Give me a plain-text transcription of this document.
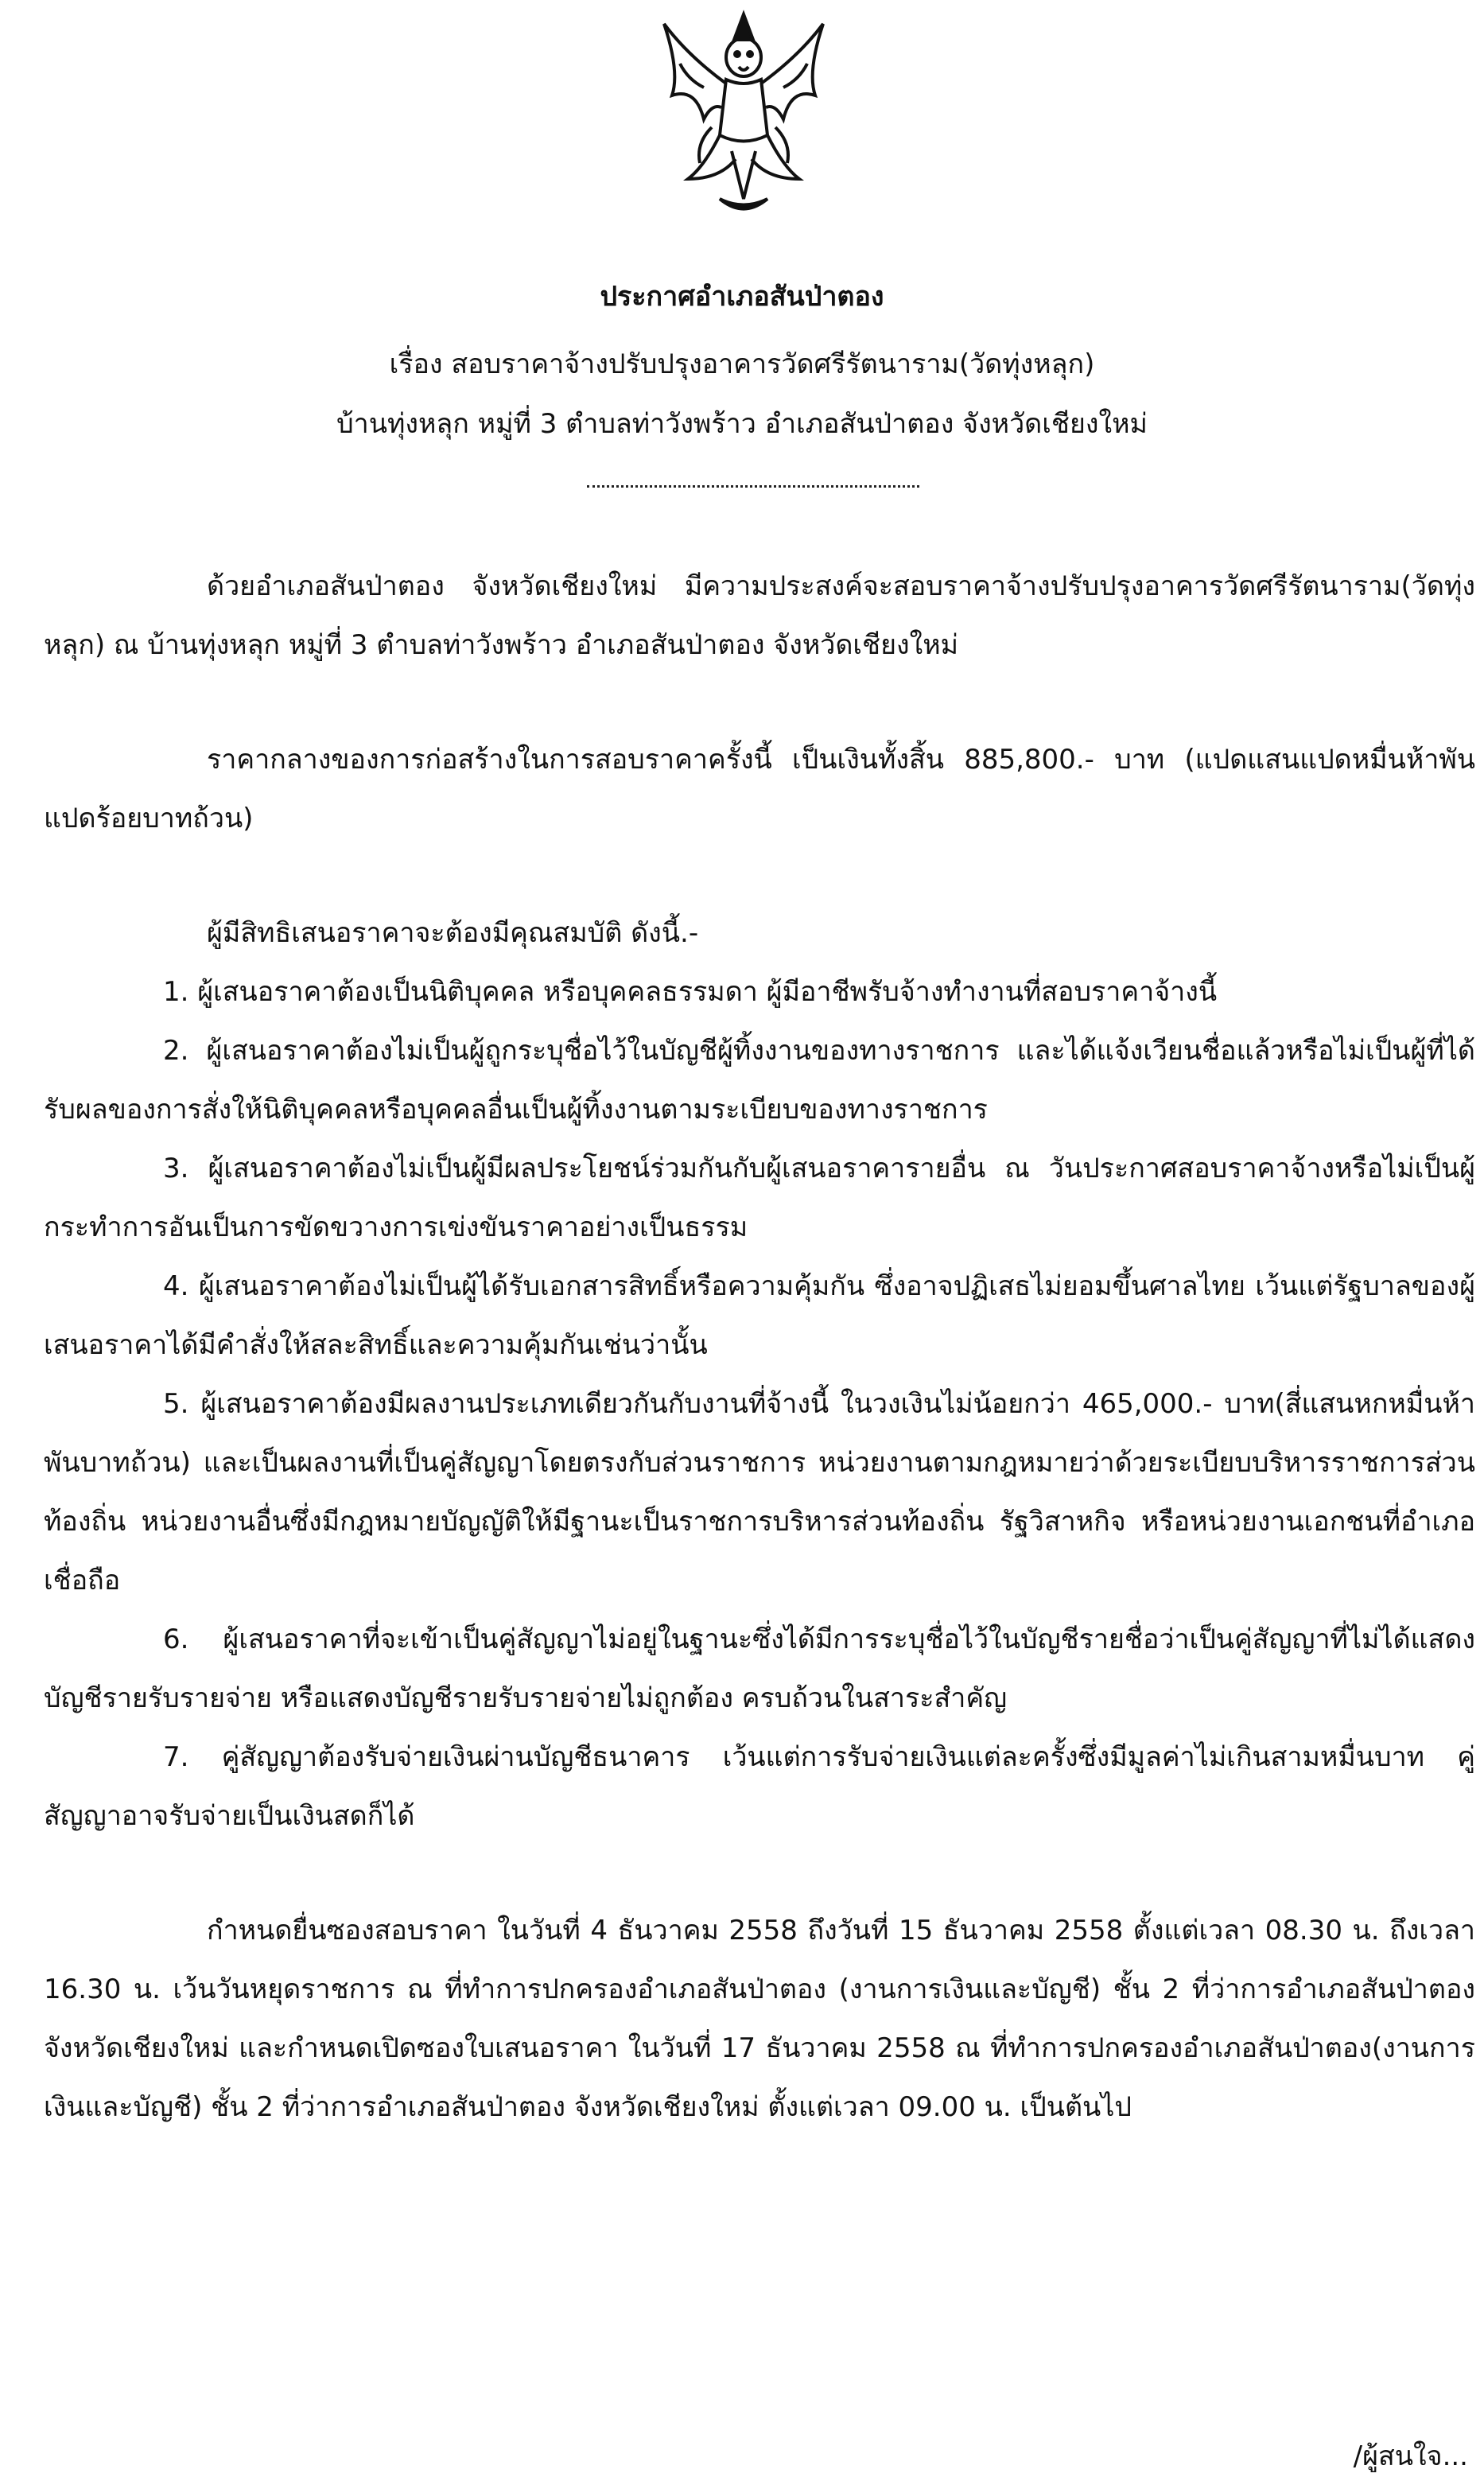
ประกาศอำเภอสันป่าตอง
เรื่อง สอบราคาจ้างปรับปรุงอาคารวัดศรีรัตนาราม(วัดทุ่งหลุก)
บ้านทุ่งหลุก หมู่ที่ 3 ตำบลท่าวังพร้าว อำเภอสันป่าตอง จังหวัดเชียงใหม่

ด้วยอำเภอสันป่าตอง จังหวัดเชียงใหม่ มีความประสงค์จะสอบราคาจ้างปรับปรุงอาคารวัดศรีรัตนาราม(วัดทุ่งหลุก) ณ บ้านทุ่งหลุก หมู่ที่ 3 ตำบลท่าวังพร้าว อำเภอสันป่าตอง จังหวัดเชียงใหม่

ราคากลางของการก่อสร้างในการสอบราคาครั้งนี้ เป็นเงินทั้งสิ้น 885,800.- บาท (แปดแสนแปดหมื่นห้าพันแปดร้อยบาทถ้วน)

ผู้มีสิทธิเสนอราคาจะต้องมีคุณสมบัติ ดังนี้.-

1. ผู้เสนอราคาต้องเป็นนิติบุคคล หรือบุคคลธรรมดา ผู้มีอาชีพรับจ้างทำงานที่สอบราคาจ้างนี้

2. ผู้เสนอราคาต้องไม่เป็นผู้ถูกระบุชื่อไว้ในบัญชีผู้ทิ้งงานของทางราชการ และได้แจ้งเวียนชื่อแล้วหรือไม่เป็นผู้ที่ได้รับผลของการสั่งให้นิติบุคคลหรือบุคคลอื่นเป็นผู้ทิ้งงานตามระเบียบของทางราชการ

3. ผู้เสนอราคาต้องไม่เป็นผู้มีผลประโยชน์ร่วมกันกับผู้เสนอราคารายอื่น ณ วันประกาศสอบราคาจ้างหรือไม่เป็นผู้กระทำการอันเป็นการขัดขวางการเข่งขันราคาอย่างเป็นธรรม

4. ผู้เสนอราคาต้องไม่เป็นผู้ได้รับเอกสารสิทธิ์หรือความคุ้มกัน ซึ่งอาจปฏิเสธไม่ยอมขึ้นศาลไทย เว้นแต่รัฐบาลของผู้เสนอราคาได้มีคำสั่งให้สละสิทธิ์และความคุ้มกันเช่นว่านั้น

5. ผู้เสนอราคาต้องมีผลงานประเภทเดียวกันกับงานที่จ้างนี้ ในวงเงินไม่น้อยกว่า 465,000.- บาท(สี่แสนหกหมื่นห้าพันบาทถ้วน) และเป็นผลงานที่เป็นคู่สัญญาโดยตรงกับส่วนราชการ หน่วยงานตามกฎหมายว่าด้วยระเบียบบริหารราชการส่วนท้องถิ่น หน่วยงานอื่นซึ่งมีกฎหมายบัญญัติให้มีฐานะเป็นราชการบริหารส่วนท้องถิ่น รัฐวิสาหกิจ หรือหน่วยงานเอกชนที่อำเภอเชื่อถือ

6. ผู้เสนอราคาที่จะเข้าเป็นคู่สัญญาไม่อยู่ในฐานะซึ่งได้มีการระบุชื่อไว้ในบัญชีรายชื่อว่าเป็นคู่สัญญาที่ไม่ได้แสดงบัญชีรายรับรายจ่าย หรือแสดงบัญชีรายรับรายจ่ายไม่ถูกต้อง ครบถ้วนในสาระสำคัญ

7. คู่สัญญาต้องรับจ่ายเงินผ่านบัญชีธนาคาร เว้นแต่การรับจ่ายเงินแต่ละครั้งซึ่งมีมูลค่าไม่เกินสามหมื่นบาท คู่สัญญาอาจรับจ่ายเป็นเงินสดก็ได้

กำหนดยื่นซองสอบราคา ในวันที่ 4 ธันวาคม 2558 ถึงวันที่ 15 ธันวาคม 2558 ตั้งแต่เวลา 08.30 น. ถึงเวลา 16.30 น. เว้นวันหยุดราชการ ณ ที่ทำการปกครองอำเภอสันป่าตอง (งานการเงินและบัญชี) ชั้น 2 ที่ว่าการอำเภอสันป่าตอง จังหวัดเชียงใหม่ และกำหนดเปิดซองใบเสนอราคา ในวันที่ 17 ธันวาคม 2558 ณ ที่ทำการปกครองอำเภอสันป่าตอง(งานการเงินและบัญชี) ชั้น 2 ที่ว่าการอำเภอสันป่าตอง จังหวัดเชียงใหม่ ตั้งแต่เวลา 09.00 น. เป็นต้นไป

/ผู้สนใจ...
